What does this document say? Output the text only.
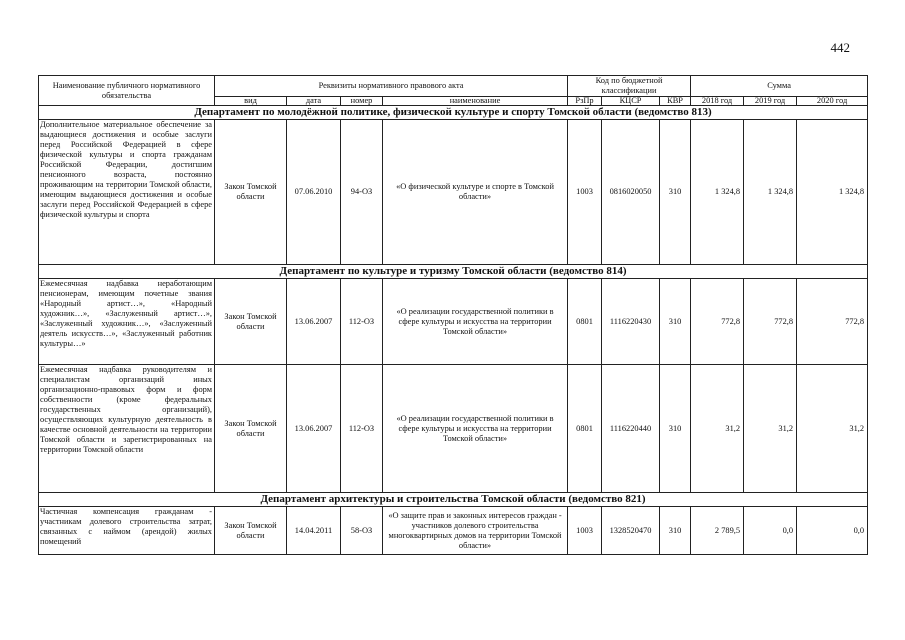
442
Наименование публичного нормативного обязательства	Реквизиты нормативного правового акта				Код по бюджетной классификации			Сумма		
	вид	дата	номер	наименование	РзПр	КЦСР	КВР	2018 год	2019 год	2020 год
Департамент по молодёжной политике, физической культуре и спорту Томской области (ведомство 813)										
Дополнительное материальное обеспечение за выдающиеся достижения и особые заслуги перед Российской Федерацией в сфере физической культуры и спорта гражданам Российской Федерации, достигшим пенсионного возраста, постоянно проживающим на территории Томской области, имеющим выдающиеся достижения и особые заслуги перед Российской Федерацией в сфере физической культуры и спорта	Закон Томской области	07.06.2010	94-ОЗ	«О физической культуре и спорте в Томской области»	1003	0816020050	310	1 324,8	1 324,8	1 324,8
Департамент по культуре и туризму Томской области (ведомство 814)										
Ежемесячная надбавка неработающим пенсионерам, имеющим почетные звания «Народный артист…», «Народный художник…», «Заслуженный артист…», «Заслуженный художник…», «Заслуженный деятель искусств…», «Заслуженный работник культуры…»	Закон Томской области	13.06.2007	112-ОЗ	«О реализации государственной политики в сфере культуры и искусства на территории Томской области»	0801	1116220430	310	772,8	772,8	772,8
Ежемесячная надбавка руководителям и специалистам организаций иных организационно-правовых форм и форм собственности (кроме федеральных государственных организаций), осуществляющих культурную деятельность в качестве основной деятельности на территории Томской области и зарегистрированных на территории Томской области	Закон Томской области	13.06.2007	112-ОЗ	«О реализации государственной политики в сфере культуры и искусства на территории Томской области»	0801	1116220440	310	31,2	31,2	31,2
Департамент архитектуры и строительства Томской области (ведомство 821)										
Частичная компенсация гражданам - участникам долевого строительства затрат, связанных с наймом (арендой) жилых помещений	Закон Томской области	14.04.2011	58-ОЗ	«О защите прав и законных интересов граждан - участников долевого строительства многоквартирных домов на территории Томской области»	1003	1328520470	310	2 789,5	0,0	0,0
